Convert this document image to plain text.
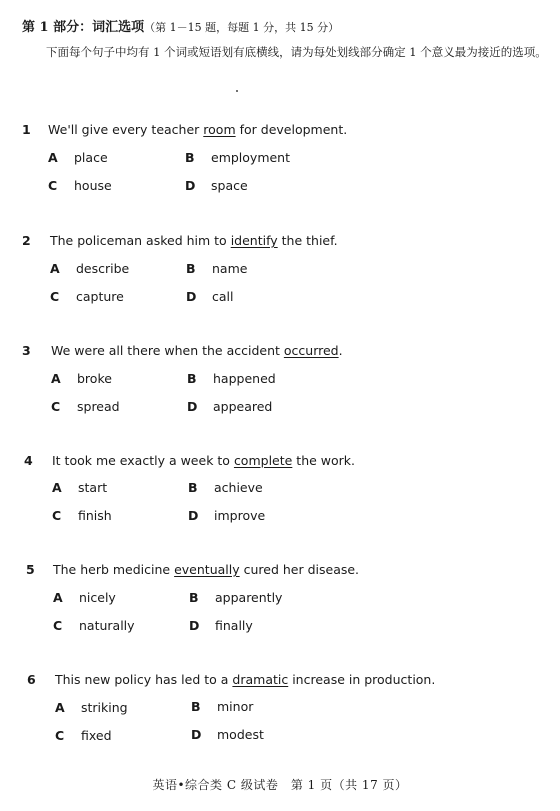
第 1 部分：词汇选项（第 1－15 题，每题 1 分，共 15 分）
下面每个句子中均有 1 个词或短语划有底横线，请为每处划线部分确定 1 个意义最为接近的选项。
1 We'll give every teacher room for development.
A place	B employment
C house	D space
2 The policeman asked him to identify the thief.
A describe	B name
C capture	D call
3 We were all there when the accident occurred.
A broke	B happened
C spread	D appeared
4 It took me exactly a week to complete the work.
A start	B achieve
C finish	D improve
5 The herb medicine eventually cured her disease.
A nicely	B apparently
C naturally	D finally
6 This new policy has led to a dramatic increase in production.
A striking	B minor
C fixed	D modest
英语•综合类 C 级试卷　第 1 页（共 17 页）
